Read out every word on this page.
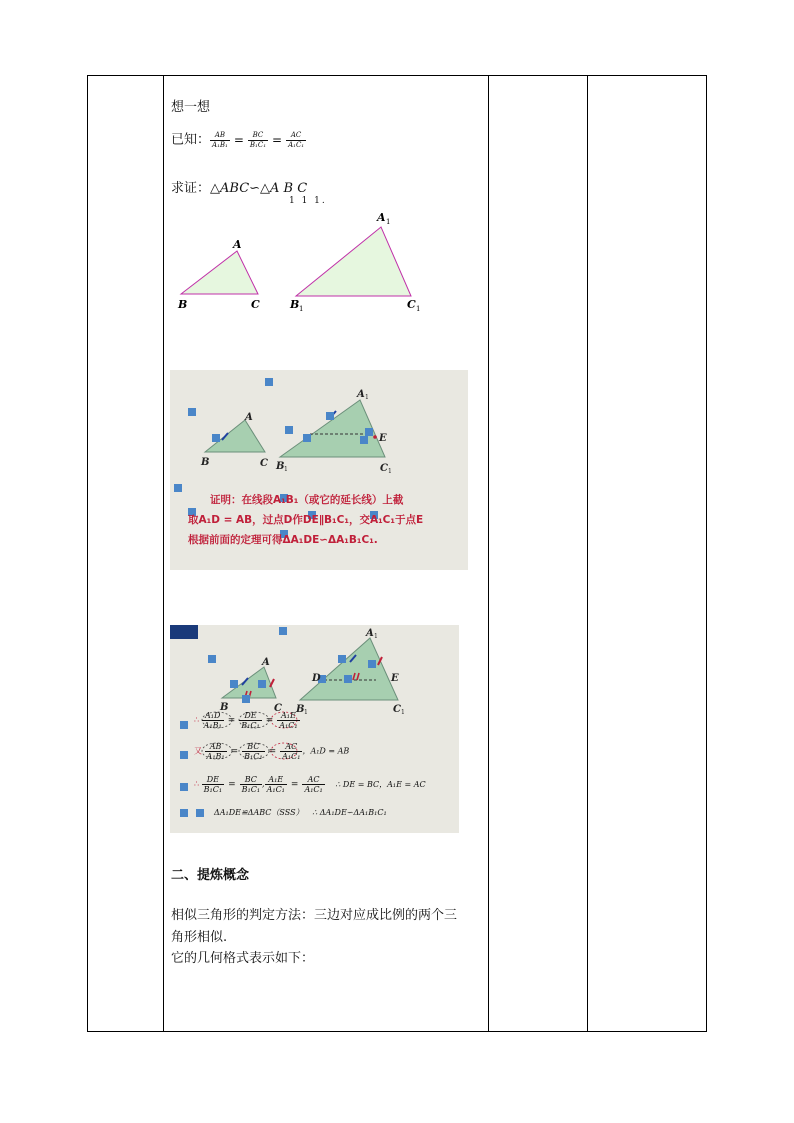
想一想
已知： $\frac{AB}{\text{A₁B₁}} = \frac{BC}{\text{B₁C₁}} = \frac{AC}{\text{A₁C₁}}$
求证：△ABC∽△A B C
1 1 1.
A
B	C
A 1
B 1	C 1
A
B	C
A 1
B 1	C 1
E
证明：在线段A₁B₁（或它的延长线）上截
取A₁D = AB，过点D作DE∥B₁C₁，交A₁C₁于点E
根据前面的定理可得ΔA₁DE∽ΔA₁B₁C₁.
A
B	C
A 1
B 1	C 1
D	E
∴ $\frac{\text{A₁D}}{\text{A₁B₁}} = \frac{DE}{\text{B₁C₁}} = \frac{\text{A₁E}}{\text{A₁C₁}}$
又 $\frac{AB}{\text{A₁B₁}} = \frac{BC}{\text{B₁C₁}} = \frac{AC}{\text{A₁C₁}}$ ，A₁D = AB
∴ $\frac{DE}{\text{B₁C₁}} = \frac{BC}{\text{B₁C₁}}$ , $\frac{\text{A₁E}}{\text{A₁C₁}} = \frac{AC}{\text{A₁C₁}}$ ∴ DE = BC，A₁E = AC
ΔA₁DE≌ΔABC（SSS） ∴ ΔA₁DE∽ΔA₁B₁C₁
二、提炼概念
相似三角形的判定方法：三边对应成比例的两个三
角形相似.
它的几何格式表示如下：
